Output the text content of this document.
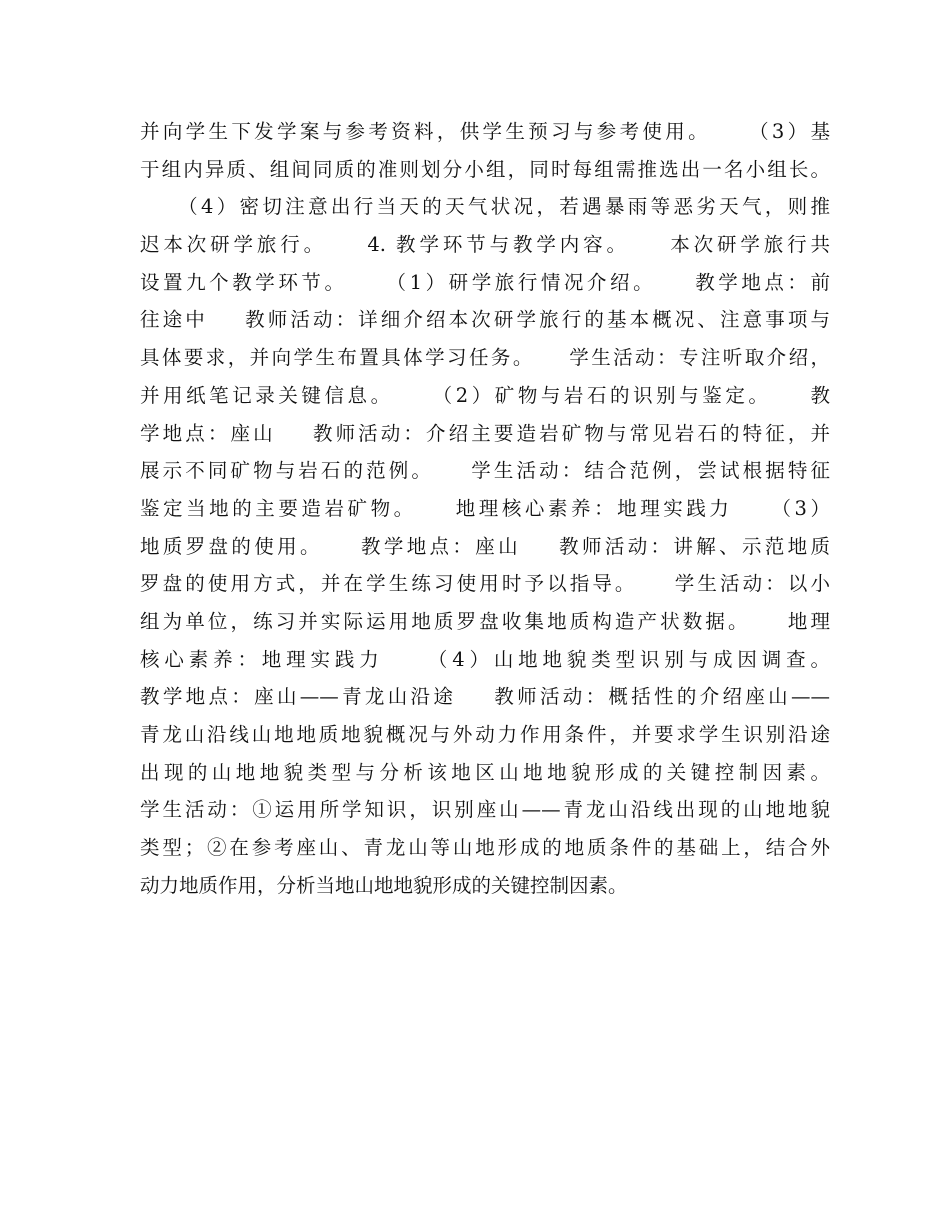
并向学生下发学案与参考资料，供学生预习与参考使用。    （3）基
于组内异质、组间同质的准则划分小组，同时每组需推选出一名小组长。
（4）密切注意出行当天的天气状况，若遇暴雨等恶劣天气，则推
迟本次研学旅行。    4. 教学环节与教学内容。    本次研学旅行共
设置九个教学环节。    （1）研学旅行情况介绍。    教学地点：前
往途中    教师活动：详细介绍本次研学旅行的基本概况、注意事项与
具体要求，并向学生布置具体学习任务。    学生活动：专注听取介绍，
并用纸笔记录关键信息。    （2）矿物与岩石的识别与鉴定。    教
学地点：座山    教师活动：介绍主要造岩矿物与常见岩石的特征，并
展示不同矿物与岩石的范例。    学生活动：结合范例，尝试根据特征
鉴定当地的主要造岩矿物。    地理核心素养：地理实践力    （3）
地质罗盘的使用。    教学地点：座山    教师活动：讲解、示范地质
罗盘的使用方式，并在学生练习使用时予以指导。    学生活动：以小
组为单位，练习并实际运用地质罗盘收集地质构造产状数据。    地理
核心素养：地理实践力    （4）山地地貌类型识别与成因调查。
教学地点：座山——青龙山沿途    教师活动：概括性的介绍座山——
青龙山沿线山地地质地貌概况与外动力作用条件，并要求学生识别沿途
出现的山地地貌类型与分析该地区山地地貌形成的关键控制因素。
学生活动：①运用所学知识，识别座山——青龙山沿线出现的山地地貌
类型；②在参考座山、青龙山等山地形成的地质条件的基础上，结合外
动力地质作用，分析当地山地地貌形成的关键控制因素。
